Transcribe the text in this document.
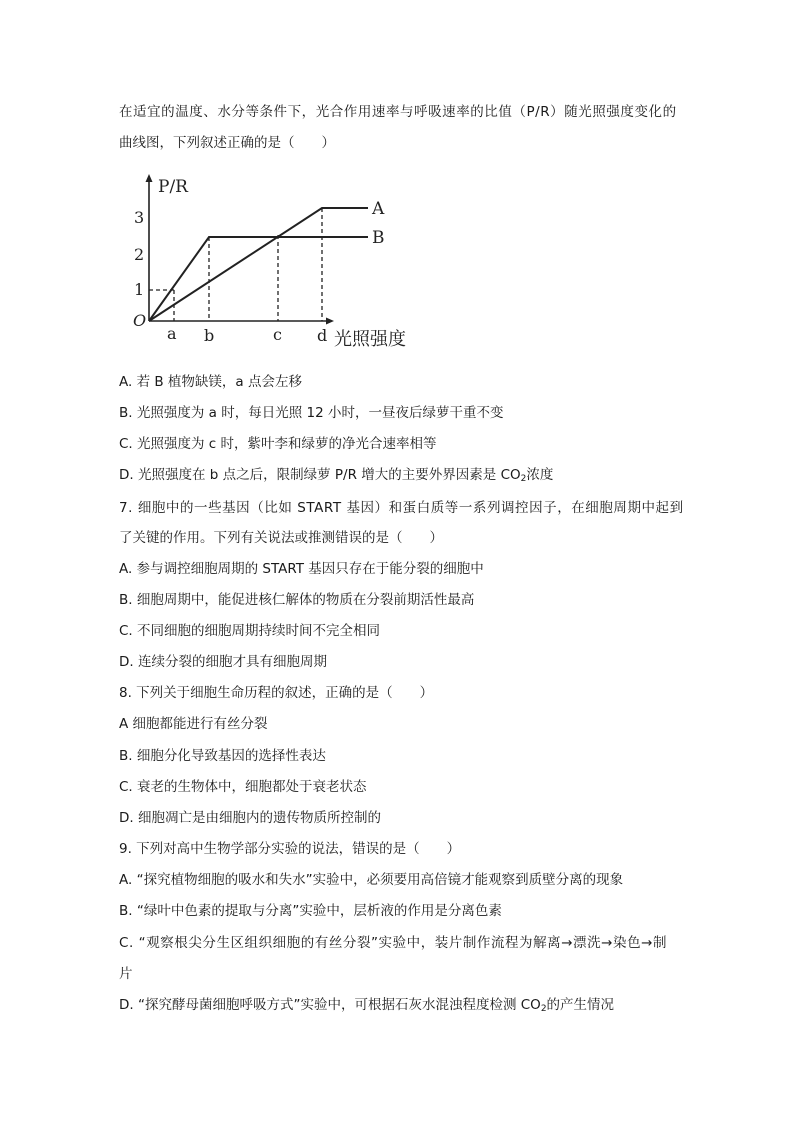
在适宜的温度、水分等条件下，光合作用速率与呼吸速率的比值（P/R）随光照强度变化的
曲线图，下列叙述正确的是（　　）
P/R
O
光照强度
1
2
3
a b	c d
A
B
A. 若 B 植物缺镁，a 点会左移
B. 光照强度为 a 时，每日光照 12 小时，一昼夜后绿萝干重不变
C. 光照强度为 c 时，紫叶李和绿萝的净光合速率相等
D. 光照强度在 b 点之后，限制绿萝 P/R 增大的主要外界因素是 $CO_2$浓度
7. 细胞中的一些基因（比如 START 基因）和蛋白质等一系列调控因子，在细胞周期中起到
了关键的作用。下列有关说法或推测错误的是（　　）
A. 参与调控细胞周期的 START 基因只存在于能分裂的细胞中
B. 细胞周期中，能促进核仁解体的物质在分裂前期活性最高
C. 不同细胞的细胞周期持续时间不完全相同
D. 连续分裂的细胞才具有细胞周期
8. 下列关于细胞生命历程的叙述，正确的是（　　）
A 细胞都能进行有丝分裂
B. 细胞分化导致基因的选择性表达
C. 衰老的生物体中，细胞都处于衰老状态
D. 细胞凋亡是由细胞内的遗传物质所控制的
9. 下列对高中生物学部分实验的说法，错误的是（　　）
A. “探究植物细胞的吸水和失水”实验中，必须要用高倍镜才能观察到质壁分离的现象
B. “绿叶中色素的提取与分离”实验中，层析液的作用是分离色素
C. “观察根尖分生区组织细胞的有丝分裂”实验中，装片制作流程为解离→漂洗→染色→制
片
D. “探究酵母菌细胞呼吸方式”实验中，可根据石灰水混浊程度检测 $CO_2$的产生情况
